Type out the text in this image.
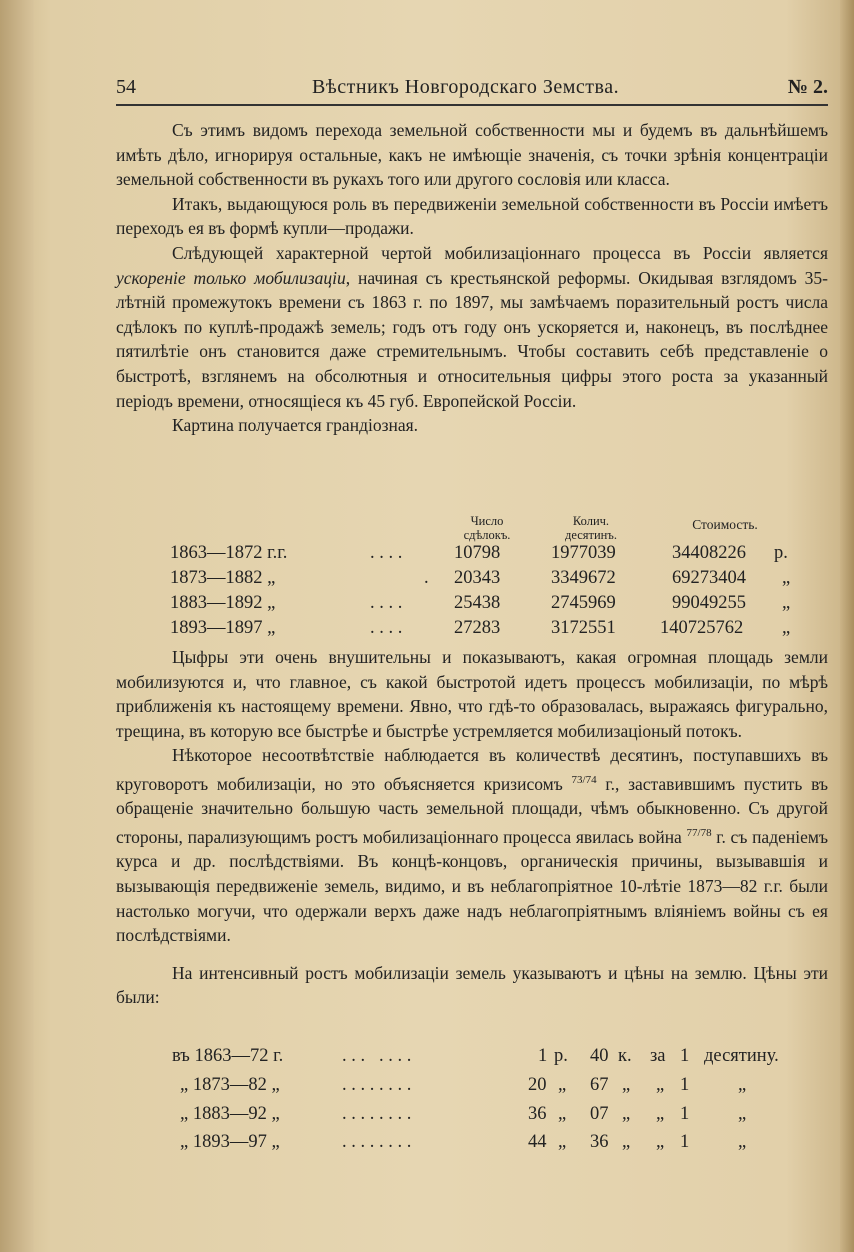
54	Вѣстникъ Новгородскаго Земства.	№ 2.

Съ этимъ видомъ перехода земельной собственности мы и будемъ въ дальнѣйшемъ имѣть дѣло, игнорируя остальные, какъ не имѣющіе значенія, съ точки зрѣнія концентраціи земельной собственности въ рукахъ того или другого сословія или класса.

Итакъ, выдающуюся роль въ передвиженіи земельной собственности въ Россіи имѣетъ переходъ ея въ формѣ купли—продажи.

Слѣдующей характерной чертой мобилизаціоннаго процесса въ Россіи является ускореніе только мобилизаціи, начиная съ крестьянской реформы. Окидывая взглядомъ 35-лѣтній промежутокъ времени съ 1863 г. по 1897, мы замѣчаемъ поразительный ростъ числа сдѣлокъ по куплѣ-продажѣ земель; годъ отъ году онъ ускоряется и, наконецъ, въ послѣднее пятилѣтіе онъ становится даже стремительнымъ. Чтобы составить себѣ представленіе о быстротѣ, взглянемъ на обсолютныя и относительныя цифры этого роста за указанный періодъ времени, относящіеся къ 45 губ. Европейской Россіи.

Картина получается грандіозная.

Число сдѣлокъ.
Колич. десятинъ.
Стоимость.
1863—1872 г.г.	. . . .	10798	1977039	34408226 р.
1873—1882 „	. 20343	3349672	69273404 „
1883—1892 „	. . . .	25438	2745969	99049255 „
1893—1897 „	. . . .	27283	3172551 140725762 „

Цыфры эти очень внушительны и показываютъ, какая огромная площадь земли мобилизуются и, что главное, съ какой быстротой идетъ процессъ мобилизаціи, по мѣрѣ приближенія къ настоящему времени. Явно, что гдѣ-то образовалась, выражаясь фигурально, трещина, въ которую все быстрѣе и быстрѣе устремляется мобилизаціоный потокъ.

Нѣкоторое несоотвѣтствіе наблюдается въ количествѣ десятинъ, поступавшихъ въ круговоротъ мобилизаціи, но это объясняется кризисомъ $^{73/74}$ г., заставившимъ пустить въ обращеніе значительно большую часть земельной площади, чѣмъ обыкновенно. Съ другой стороны, парализующимъ ростъ мобилизаціоннаго процесса явилась война $^{77/78}$ г. съ паденіемъ курса и др. послѣдствіями. Въ концѣ-концовъ, органическія причины, вызывавшія и вызывающія передвиженіе земель, видимо, и въ неблагопріятное 10-лѣтіе 1873—82 г.г. были настолько могучи, что одержали верхъ даже надъ неблагопріятнымъ вліяніемъ войны съ ея послѣдствіями.

На интенсивный ростъ мобилизаціи земель указываютъ и цѣны на землю. Цѣны эти были:

въ 1863—72 г.	. . .   . . . .	1 р. 40 к. за 1 десятину.
„ 1873—82 „	. . . . . . . .	20 „ 67 „ „ 1	„
„ 1883—92 „	. . . . . . . .	36 „ 07 „ „ 1	„
„ 1893—97 „	. . . . . . . .	44 „ 36 „ „ 1	„
